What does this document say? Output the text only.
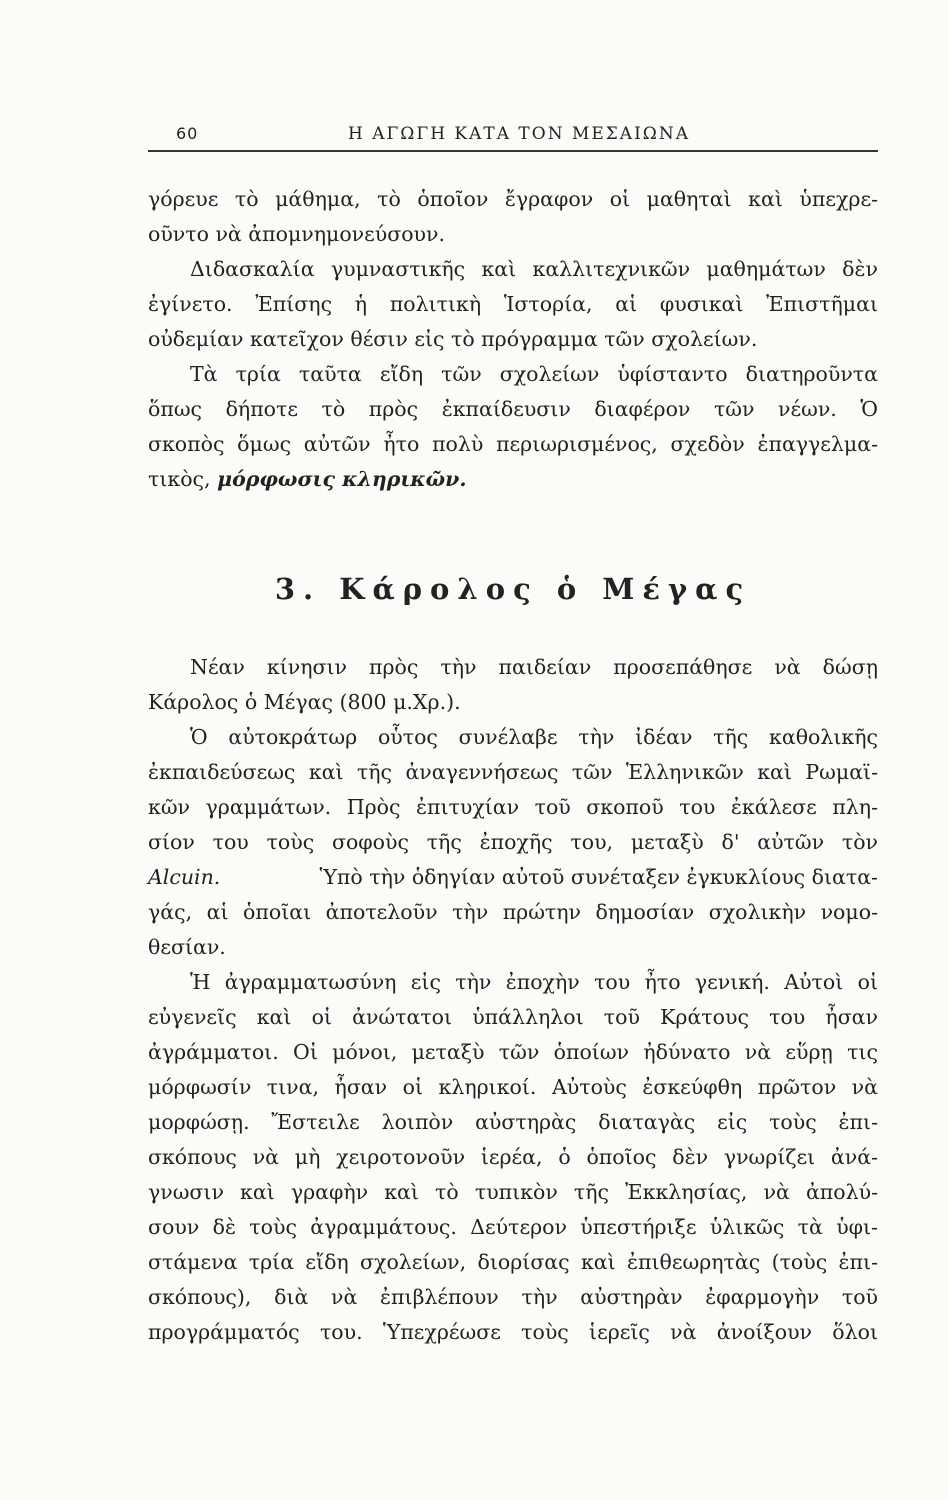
60	Η ΑΓΩΓΗ ΚΑΤΑ ΤΟΝ ΜΕΣΑΙΩΝΑ
γόρευε τὸ μάθημα, τὸ ὁποῖον ἔγραφον οἱ μαθηταὶ καὶ ὑπεχρε-
οῦντο νὰ ἀπομνημονεύσουν.
Διδασκαλία γυμναστικῆς καὶ καλλιτεχνικῶν μαθημάτων δὲν
ἐγίνετο. Ἐπίσης ἡ πολιτικὴ Ἱστορία, αἱ φυσικαὶ Ἐπιστῆμαι
οὐδεμίαν κατεῖχον θέσιν εἰς τὸ πρόγραμμα τῶν σχολείων.
Τὰ τρία ταῦτα εἴδη τῶν σχολείων ὑφίσταντο διατηροῦντα
ὅπως δήποτε τὸ πρὸς ἐκπαίδευσιν διαφέρον τῶν νέων. Ὁ
σκοπὸς ὅμως αὐτῶν ἦτο πολὺ περιωρισμένος, σχεδὸν ἐπαγγελμα-
τικὸς, μόρφωσις κληρικῶν.
3. Κάρολος ὁ Μέγας
Νέαν κίνησιν πρὸς τὴν παιδείαν προσεπάθησε νὰ δώσῃ
Κάρολος ὁ Μέγας (800 μ.Χρ.).
Ὁ αὐτοκράτωρ οὗτος συνέλαβε τὴν ἰδέαν τῆς καθολικῆς
ἐκπαιδεύσεως καὶ τῆς ἀναγεννήσεως τῶν Ἑλληνικῶν καὶ Ρωμαϊ-
κῶν γραμμάτων. Πρὸς ἐπιτυχίαν τοῦ σκοποῦ του ἐκάλεσε πλη-
σίον του τοὺς σοφοὺς τῆς ἐποχῆς του, μεταξὺ δ' αὐτῶν τὸν
Alcuin.	Ὑπὸ τὴν ὁδηγίαν αὐτοῦ συνέταξεν ἐγκυκλίους διατα-
γάς, αἱ ὁποῖαι ἀποτελοῦν τὴν πρώτην δημοσίαν σχολικὴν νομο-
θεσίαν.
Ἡ ἀγραμματωσύνη εἰς τὴν ἐποχὴν του ἦτο γενική. Αὐτοὶ οἱ
εὐγενεῖς καὶ οἱ ἀνώτατοι ὑπάλληλοι τοῦ Κράτους του ἦσαν
ἀγράμματοι. Οἱ μόνοι, μεταξὺ τῶν ὁποίων ἠδύνατο νὰ εὕρῃ τις
μόρφωσίν τινα, ἦσαν οἱ κληρικοί. Αὐτοὺς ἐσκεύφθη πρῶτον νὰ
μορφώσῃ. Ἔστειλε λοιπὸν αὐστηρὰς διαταγὰς εἰς τοὺς ἐπι-
σκόπους νὰ μὴ χειροτονοῦν ἱερέα, ὁ ὁποῖος δὲν γνωρίζει ἀνά-
γνωσιν καὶ γραφὴν καὶ τὸ τυπικὸν τῆς Ἐκκλησίας, νὰ ἀπολύ-
σουν δὲ τοὺς ἀγραμμάτους. Δεύτερον ὑπεστήριξε ὑλικῶς τὰ ὑφι-
στάμενα τρία εἴδη σχολείων, διορίσας καὶ ἐπιθεωρητὰς (τοὺς ἐπι-
σκόπους), διὰ νὰ ἐπιβλέπουν τὴν αὐστηρὰν ἐφαρμογὴν τοῦ
προγράμματός του. Ὑπεχρέωσε τοὺς ἱερεῖς νὰ ἀνοίξουν ὅλοι
